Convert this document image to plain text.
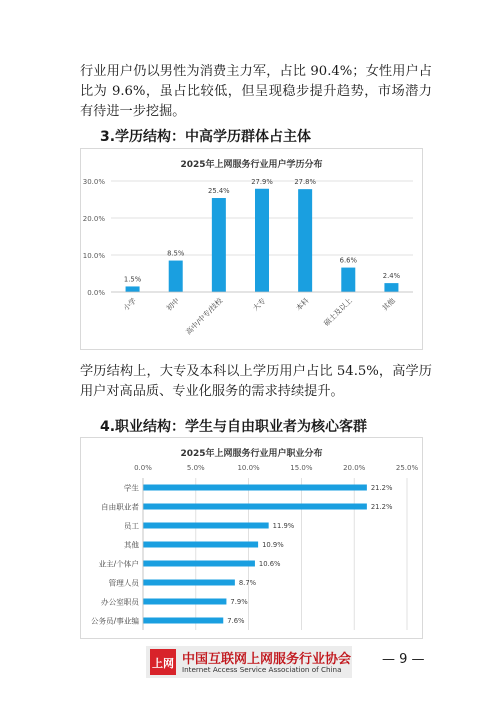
行业用户仍以男性为消费主力军，占比 90.4%；女性用户占比为 9.6%，虽占比较低，但呈现稳步提升趋势，市场潜力有待进一步挖掘。
3.学历结构：中高学历群体占主体
2025年上网服务行业用户学历分布
0.0%
10.0%
20.0%
30.0%
1.5%
小学
8.5%
初中
25.4%
高中/中专/技校
27.9%
大专
27.8%
本科
6.6%
硕士及以上
2.4%
其他
学历结构上，大专及本科以上学历用户占比 54.5%，高学历用户对高品质、专业化服务的需求持续提升。
4.职业结构：学生与自由职业者为核心客群
2025年上网服务行业用户职业分布
0.0%	5.0%	10.0%	15.0%	20.0%	25.0%
21.2%
学生
21.2%
自由职业者
11.9%
员工
10.9%
其他
10.6%
业主/个体户
8.7%
管理人员
7.9%
办公室职员
7.6%
公务员/事业编
上网 中国互联网上网服务行业协会
Internet Access Service Association of China
— 9 —
